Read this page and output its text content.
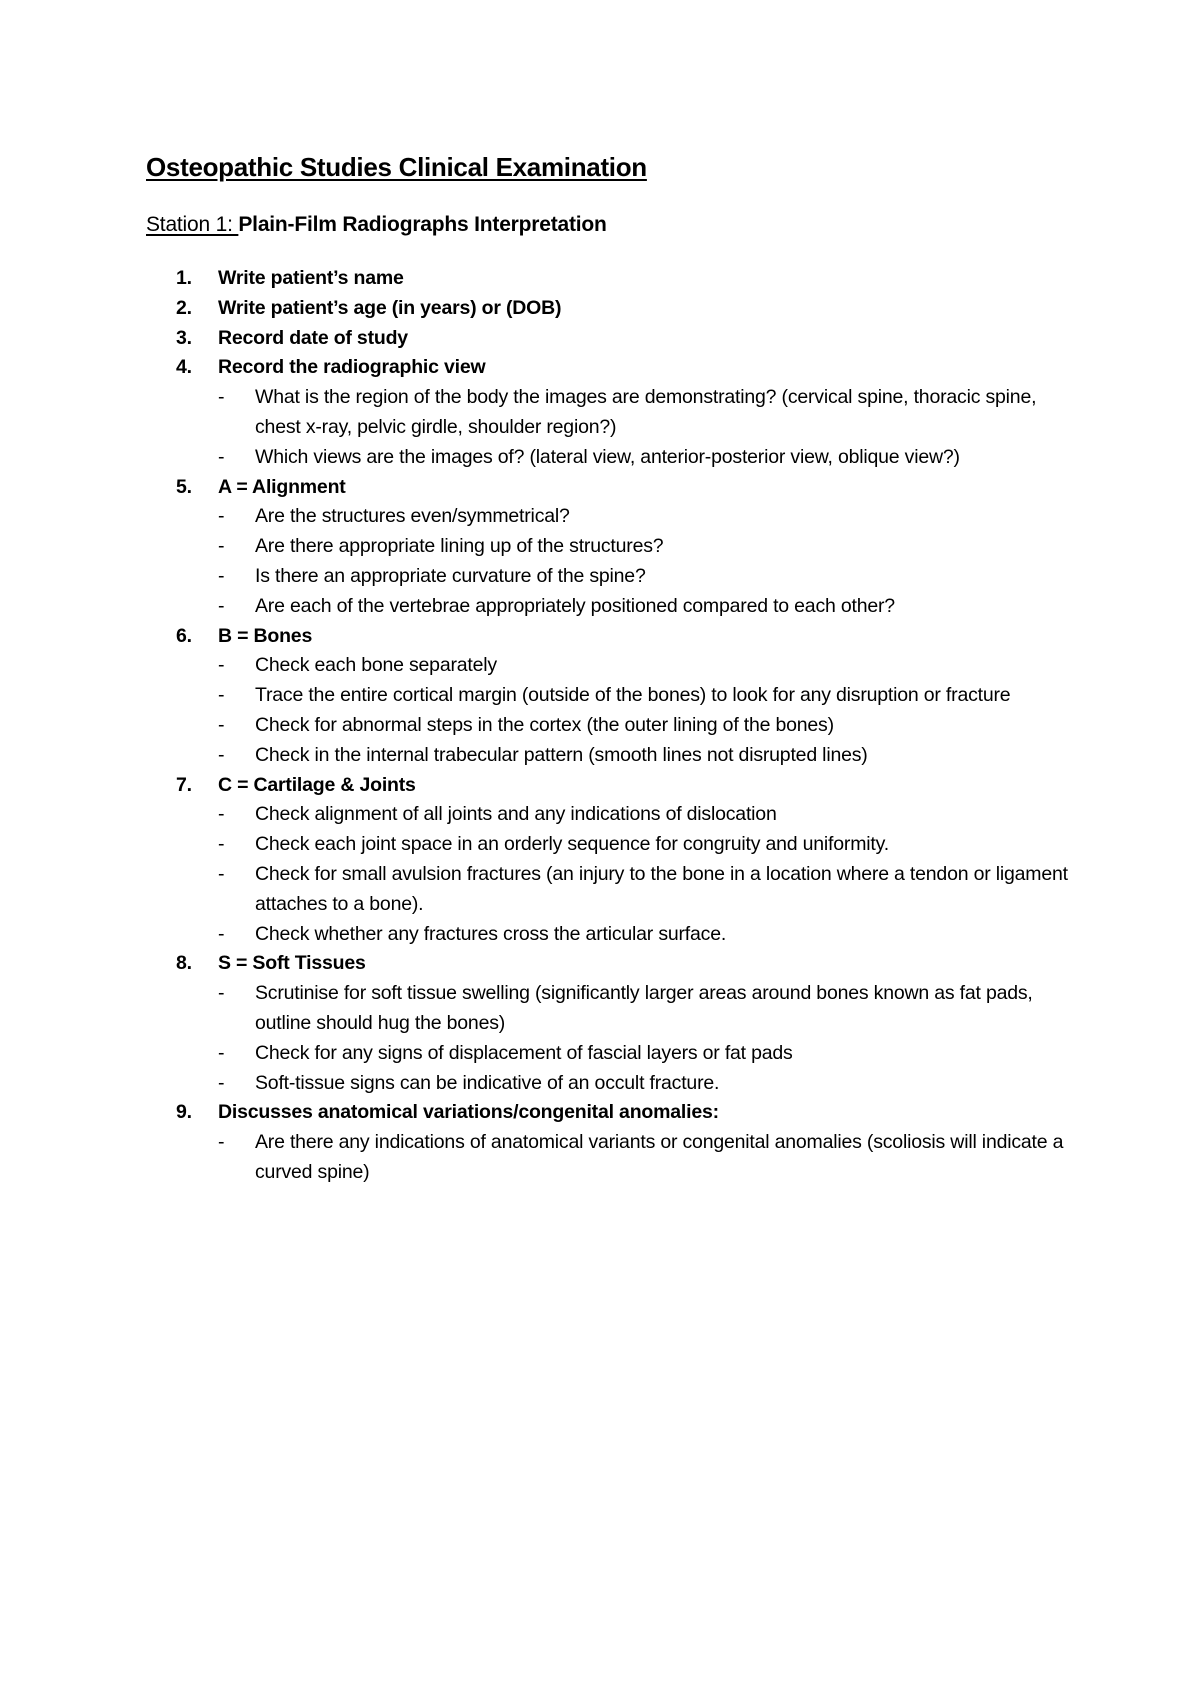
Osteopathic Studies Clinical Examination
Station 1: Plain-Film Radiographs Interpretation
1. Write patient’s name
2. Write patient’s age (in years) or (DOB)
3. Record date of study
4. Record the radiographic view
- What is the region of the body the images are demonstrating? (cervical spine, thoracic spine, chest x-ray, pelvic girdle, shoulder region?)
- Which views are the images of? (lateral view, anterior-posterior view, oblique view?)
5. A = Alignment
- Are the structures even/symmetrical?
- Are there appropriate lining up of the structures?
- Is there an appropriate curvature of the spine?
- Are each of the vertebrae appropriately positioned compared to each other?
6. B = Bones
- Check each bone separately
- Trace the entire cortical margin (outside of the bones) to look for any disruption or fracture
- Check for abnormal steps in the cortex (the outer lining of the bones)
- Check in the internal trabecular pattern (smooth lines not disrupted lines)
7. C = Cartilage & Joints
- Check alignment of all joints and any indications of dislocation
- Check each joint space in an orderly sequence for congruity and uniformity.
- Check for small avulsion fractures (an injury to the bone in a location where a tendon or ligament attaches to a bone).
- Check whether any fractures cross the articular surface.
8. S = Soft Tissues
- Scrutinise for soft tissue swelling (significantly larger areas around bones known as fat pads, outline should hug the bones)
- Check for any signs of displacement of fascial layers or fat pads
- Soft-tissue signs can be indicative of an occult fracture.
9. Discusses anatomical variations/congenital anomalies:
- Are there any indications of anatomical variants or congenital anomalies (scoliosis will indicate a curved spine)
